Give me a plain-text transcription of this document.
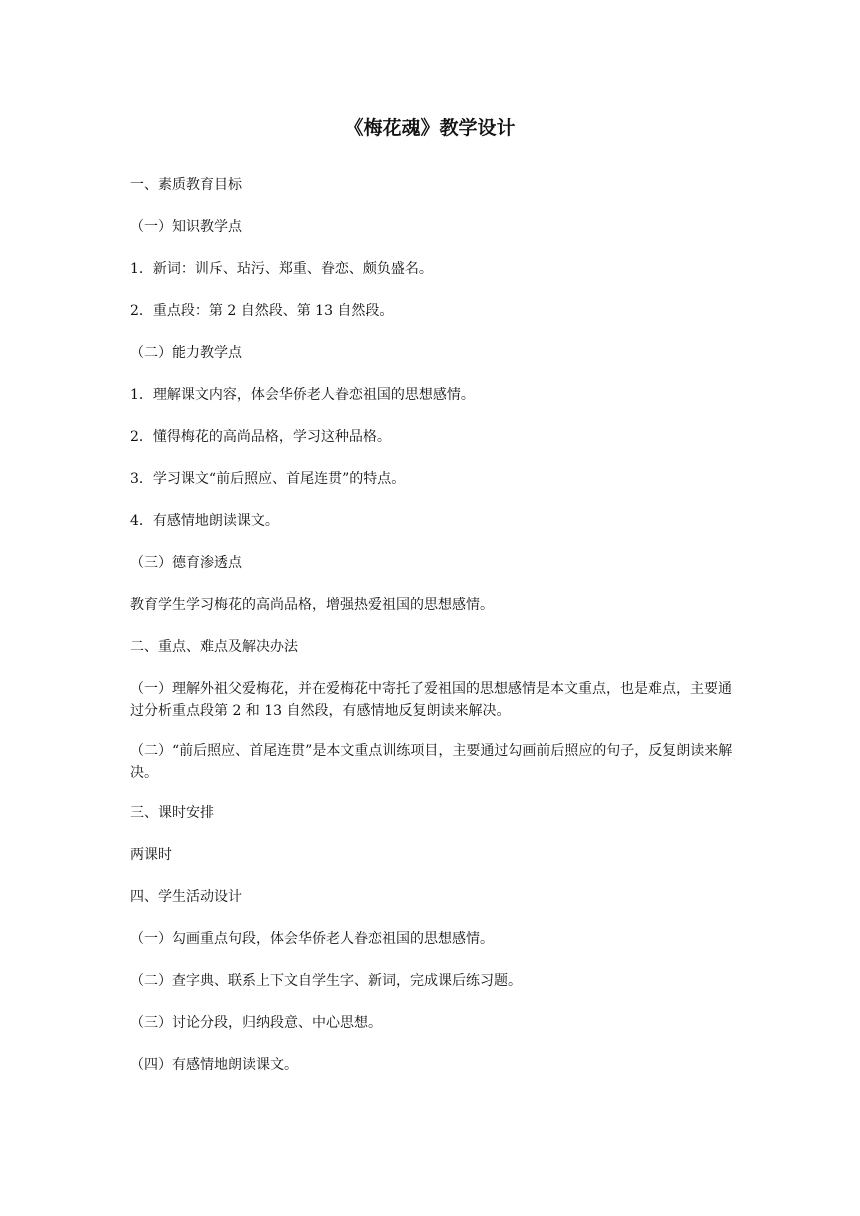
《梅花魂》教学设计

一、素质教育目标

（一）知识教学点

1．新词：训斥、玷污、郑重、眷恋、颇负盛名。

2．重点段：第 2 自然段、第 13 自然段。

（二）能力教学点

1．理解课文内容，体会华侨老人眷恋祖国的思想感情。

2．懂得梅花的高尚品格，学习这种品格。

3．学习课文“前后照应、首尾连贯”的特点。

4．有感情地朗读课文。

（三）德育渗透点

教育学生学习梅花的高尚品格，增强热爱祖国的思想感情。

二、重点、难点及解决办法

（一）理解外祖父爱梅花，并在爱梅花中寄托了爱祖国的思想感情是本文重点，也是难点，主要通过分析重点段第 2 和 13 自然段，有感情地反复朗读来解决。

（二）“前后照应、首尾连贯”是本文重点训练项目，主要通过勾画前后照应的句子，反复朗读来解决。

三、课时安排

两课时

四、学生活动设计

（一）勾画重点句段，体会华侨老人眷恋祖国的思想感情。

（二）查字典、联系上下文自学生字、新词，完成课后练习题。

（三）讨论分段，归纳段意、中心思想。

（四）有感情地朗读课文。
